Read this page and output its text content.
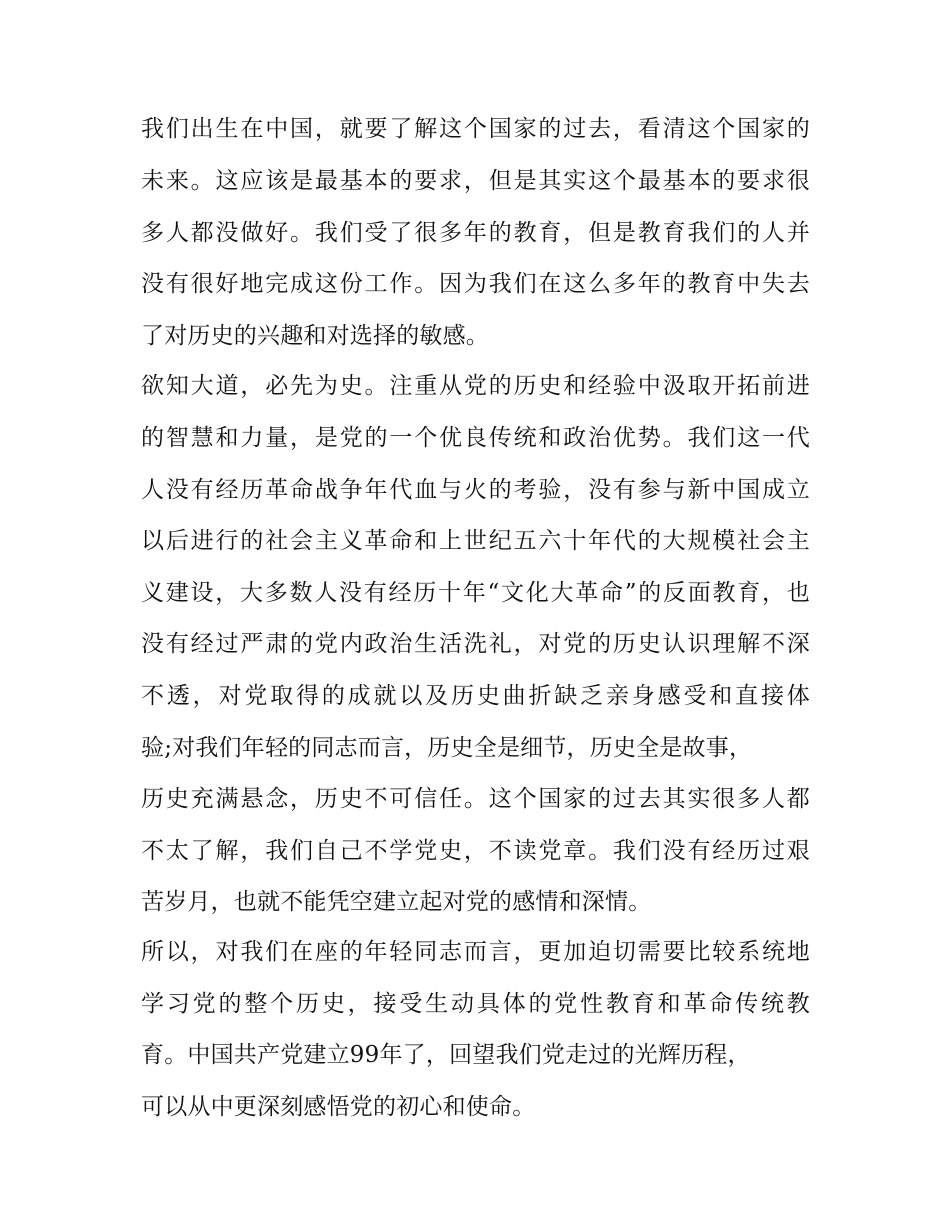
我们出生在中国，就要了解这个国家的过去，看清这个国家的
未来。这应该是最基本的要求，但是其实这个最基本的要求很
多人都没做好。我们受了很多年的教育，但是教育我们的人并
没有很好地完成这份工作。因为我们在这么多年的教育中失去
了对历史的兴趣和对选择的敏感。
欲知大道，必先为史。注重从党的历史和经验中汲取开拓前进
的智慧和力量，是党的一个优良传统和政治优势。我们这一代
人没有经历革命战争年代血与火的考验，没有参与新中国成立
以后进行的社会主义革命和上世纪五六十年代的大规模社会主
义建设，大多数人没有经历十年“文化大革命”的反面教育，也
没有经过严肃的党内政治生活洗礼，对党的历史认识理解不深
不透，对党取得的成就以及历史曲折缺乏亲身感受和直接体
验;对我们年轻的同志而言，历史全是细节，历史全是故事，
历史充满悬念，历史不可信任。这个国家的过去其实很多人都
不太了解，我们自己不学党史，不读党章。我们没有经历过艰
苦岁月，也就不能凭空建立起对党的感情和深情。
所以，对我们在座的年轻同志而言，更加迫切需要比较系统地
学习党的整个历史，接受生动具体的党性教育和革命传统教
育。中国共产党建立99年了，回望我们党走过的光辉历程，
可以从中更深刻感悟党的初心和使命。
